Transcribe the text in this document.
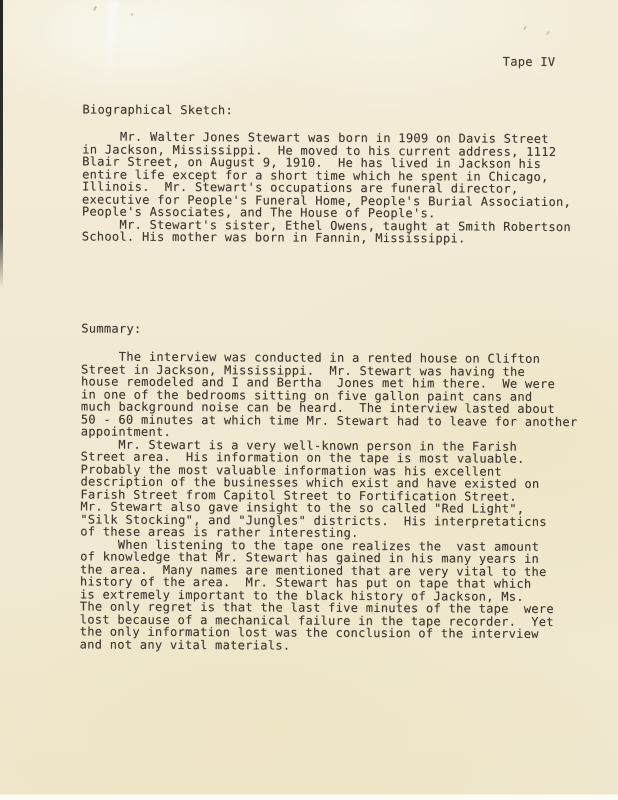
Tape IV
Biographical Sketch:
Mr. Walter Jones Stewart was born in 1909 on Davis Street
in Jackson, Mississippi.  He moved to his current address, 1112
Blair Street, on August 9, 1910.  He has lived in Jackson his
entire life except for a short time which he spent in Chicago,
Illinois.  Mr. Stewart's occupations are funeral director,
executive for People's Funeral Home, People's Burial Association,
People's Associates, and The House of People's.
Mr. Stewart's sister, Ethel Owens, taught at Smith Robertson
School. His mother was born in Fannin, Mississippi.
Summary:
The interview was conducted in a rented house on Clifton
Street in Jackson, Mississippi.  Mr. Stewart was having the
house remodeled and I and Bertha  Jones met him there.  We were
in one of the bedrooms sitting on five gallon paint cans and
much background noise can be heard.  The interview lasted about
50 - 60 minutes at which time Mr. Stewart had to leave for another
appointment.
Mr. Stewart is a very well-known person in the Farish
Street area.  His information on the tape is most valuable.
Probably the most valuable information was his excellent
description of the businesses which exist and have existed on
Farish Street from Capitol Street to Fortification Street.
Mr. Stewart also gave insight to the so called "Red Light",
"Silk Stocking", and "Jungles" districts.  His interpretaticns
of these areas is rather interesting.
When listening to the tape one realizes the  vast amount
of knowledge that Mr. Stewart has gained in his many years in
the area.  Many names are mentioned that are very vital to the
history of the area.  Mr. Stewart has put on tape that which
is extremely important to the black history of Jackson, Ms.
The only regret is that the last five minutes of the tape  were
lost because of a mechanical failure in the tape recorder.  Yet
the only information lost was the conclusion of the interview
and not any vital materials.
